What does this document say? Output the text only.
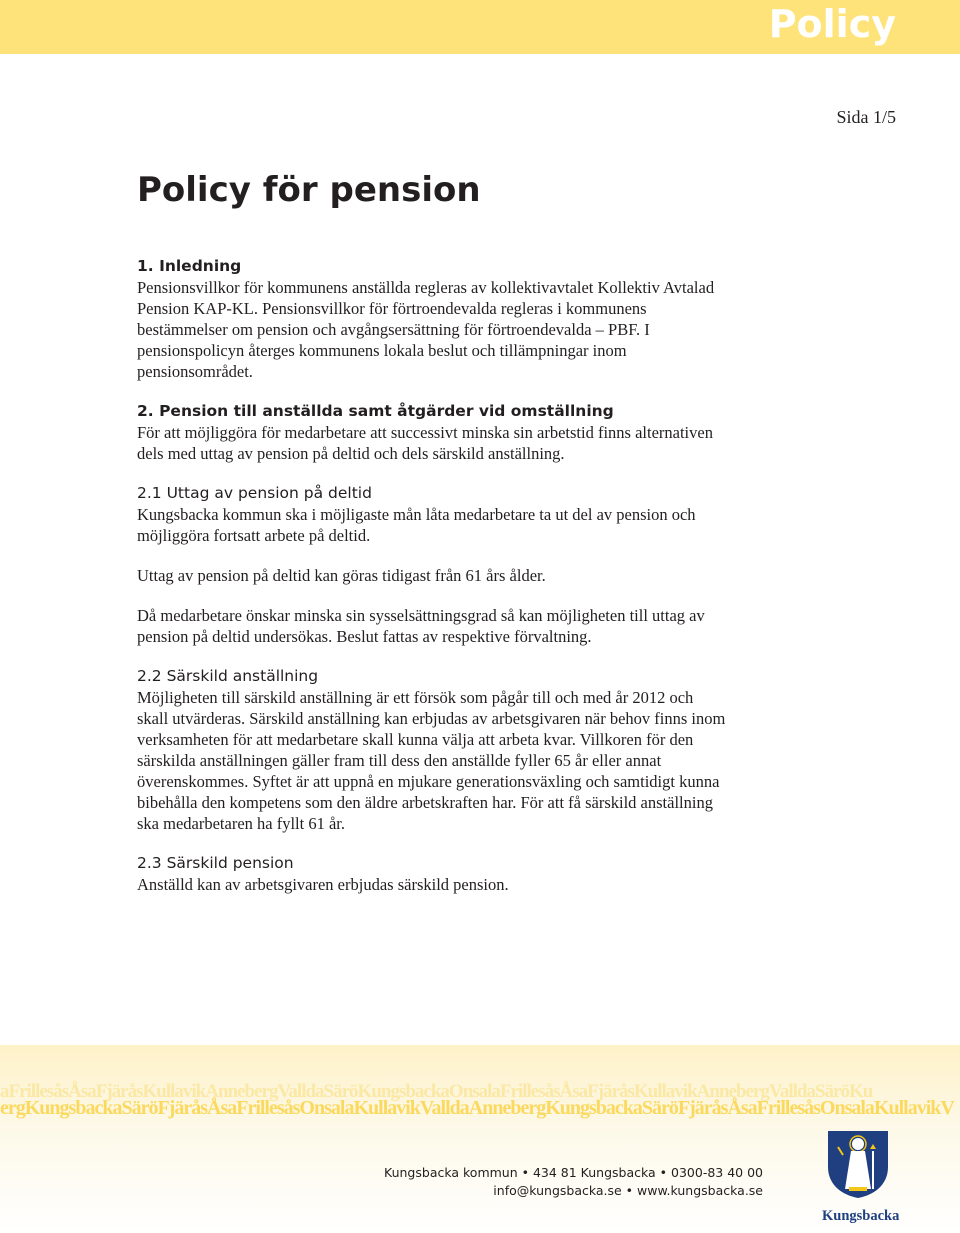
Policy
Sida 1/5
Policy för pension
1. Inledning

Pensionsvillkor för kommunens anställda regleras av kollektivavtalet Kollektiv Avtalad Pension KAP-KL. Pensionsvillkor för förtroendevalda regleras i kommunens bestämmelser om pension och avgångsersättning för förtroendevalda – PBF. I pensionspolicyn återges kommunens lokala beslut och tillämpningar inom pensionsområdet.

2. Pension till anställda samt åtgärder vid omställning

För att möjliggöra för medarbetare att successivt minska sin arbetstid finns alternativen dels med uttag av pension på deltid och dels särskild anställning.

2.1 Uttag av pension på deltid

Kungsbacka kommun ska i möjligaste mån låta medarbetare ta ut del av pension och möjliggöra fortsatt arbete på deltid.

Uttag av pension på deltid kan göras tidigast från 61 års ålder.

Då medarbetare önskar minska sin sysselsättningsgrad så kan möjligheten till uttag av pension på deltid undersökas. Beslut fattas av respektive förvaltning.

2.2 Särskild anställning

Möjligheten till särskild anställning är ett försök som pågår till och med år 2012 och skall utvärderas. Särskild anställning kan erbjudas av arbetsgivaren när behov finns inom verksamheten för att medarbetare skall kunna välja att arbeta kvar. Villkoren för den särskilda anställningen gäller fram till dess den anställde fyller 65 år eller annat överenskommes. Syftet är att uppnå en mjukare generationsväxling och samtidigt kunna bibehålla den kompetens som den äldre arbetskraften har. För att få särskild anställning ska medarbetaren ha fyllt 61 år.

2.3 Särskild pension

Anställd kan av arbetsgivaren erbjudas särskild pension.

aFrillesåsÅsaFjäråsKullavikAnnebergValldaSäröKungsbackaOnsalaFrillesåsÅsaFjäråsKullavikAnnebergValldaSäröKu
ergKungsbackaSäröFjäråsÅsaFrillesåsOnsalaKullavikValldaAnnebergKungsbackaSäröFjäråsÅsaFrillesåsOnsalaKullavikV
Kungsbacka kommun • 434 81 Kungsbacka • 0300-83 40 00
info@kungsbacka.se • www.kungsbacka.se
Kungsbacka
